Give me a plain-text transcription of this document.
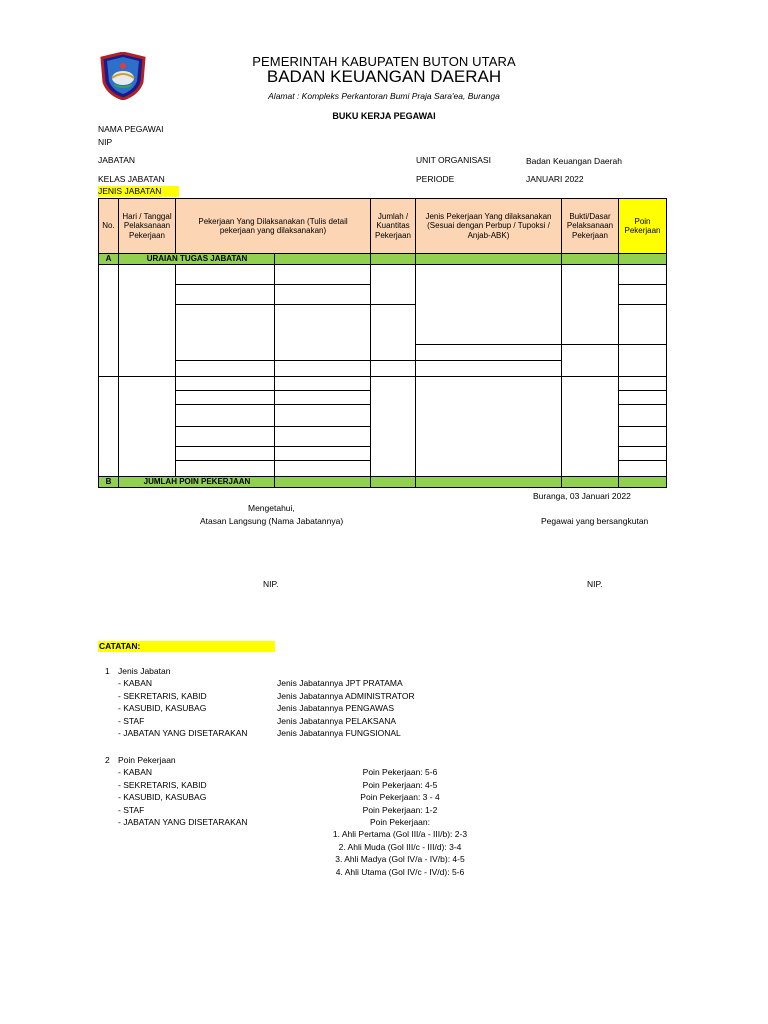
PEMERINTAH KABUPATEN BUTON UTARA
BADAN KEUANGAN DAERAH
Alamat : Kompleks Perkantoran Bumi Praja Sara'ea, Buranga
BUKU KERJA PEGAWAI
NAMA PEGAWAI
NIP
JABATAN
KELAS JABATAN
JENIS JABATAN
UNIT ORGANISASI	Badan Keuangan Daerah
PERIODE	JANUARI 2022
No.	Hari / Tanggal Pelaksanaan Pekerjaan	Pekerjaan Yang Dilaksanakan (Tulis detail pekerjaan yang dilaksanakan)		Jumlah / Kuantitas Pekerjaan	Jenis Pekerjaan Yang dilaksanakan (Sesuai dengan Perbup / Tupoksi / Anjab-ABK)	Bukti/Dasar Pelaksanaan Pekerjaan	Poin Pekerjaan
A	URAIAN TUGAS JABATAN						

B	JUMLAH POIN PEKERJAAN						
Buranga, 03 Januari 2022
Mengetahui,
Atasan Langsung (Nama Jabatannya)	Pegawai yang bersangkutan
NIP.	NIP.
CATATAN:
1 Jenis Jabatan
- KABAN	Jenis Jabatannya JPT PRATAMA
- SEKRETARIS, KABID	Jenis Jabatannya ADMINISTRATOR
- KASUBID, KASUBAG	Jenis Jabatannya PENGAWAS
- STAF	Jenis Jabatannya PELAKSANA
- JABATAN YANG DISETARAKAN	Jenis Jabatannya FUNGSIONAL
2 Poin Pekerjaan
- KABAN	Poin Pekerjaan: 5-6
- SEKRETARIS, KABID	Poin Pekerjaan: 4-5
- KASUBID, KASUBAG	Poin Pekerjaan: 3 - 4
- STAF	Poin Pekerjaan: 1-2
- JABATAN YANG DISETARAKAN	Poin Pekerjaan:
1. Ahli Pertama (Gol III/a - III/b): 2-3
2. Ahli Muda (Gol III/c - III/d): 3-4
3. Ahli Madya (Gol IV/a - IV/b): 4-5
4. Ahli Utama (Gol IV/c - IV/d): 5-6
